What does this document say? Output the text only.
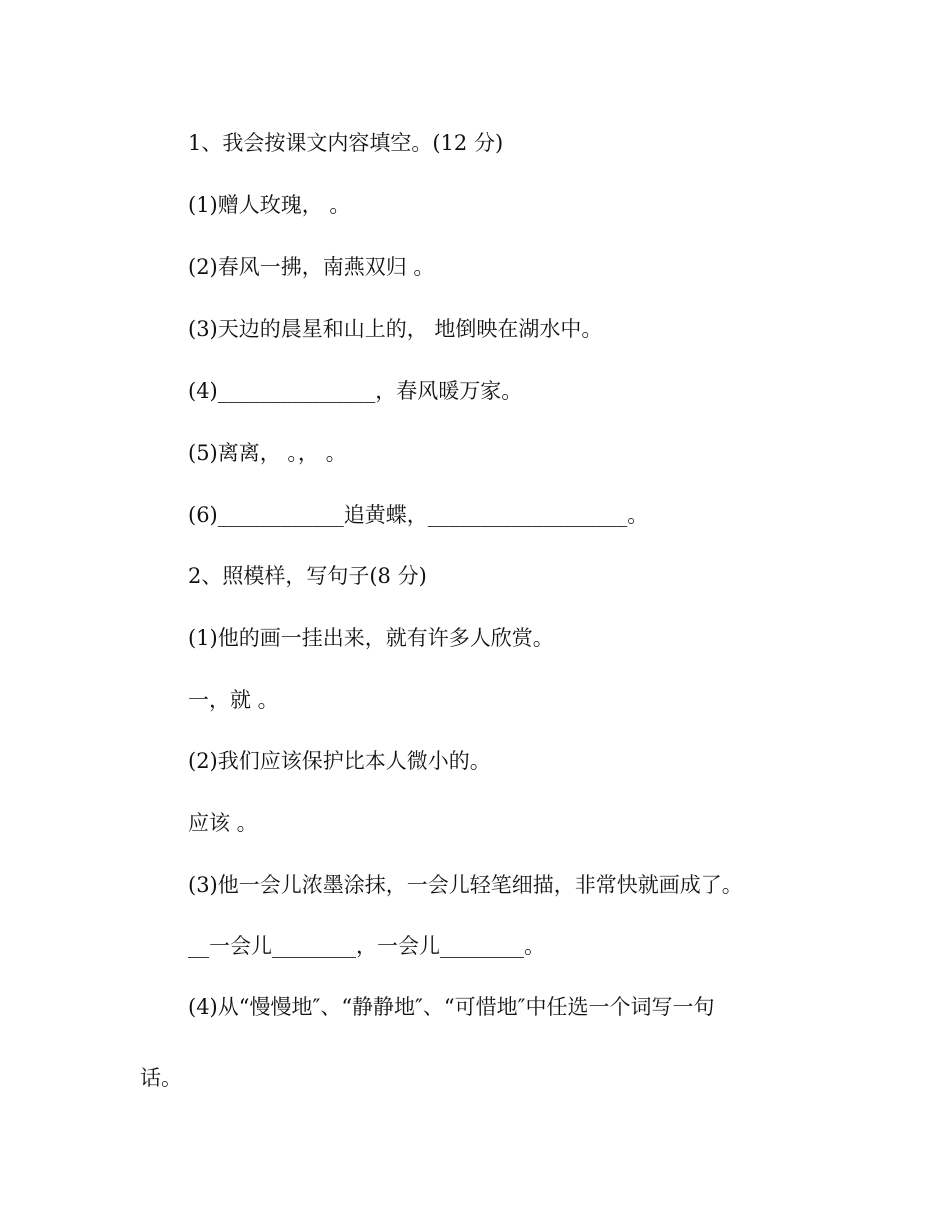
1、我会按课文内容填空。(12 分)

(1)赠人玫瑰， 。

(2)春风一拂，南燕双归 。

(3)天边的晨星和山上的， 地倒映在湖水中。

(4)_______________，春风暖万家。

(5)离离， 。， 。

(6)____________追黄蝶，___________________。

2、照模样，写句子(8 分)

(1)他的画一挂出来，就有许多人欣赏。

一，就 。

(2)我们应该保护比本人微小的。

应该 。

(3)他一会儿浓墨涂抹，一会儿轻笔细描，非常快就画成了。

__一会儿________，一会儿________。

(4)从“慢慢地″、“静静地″、“可惜地″中任选一个词写一句

话。
